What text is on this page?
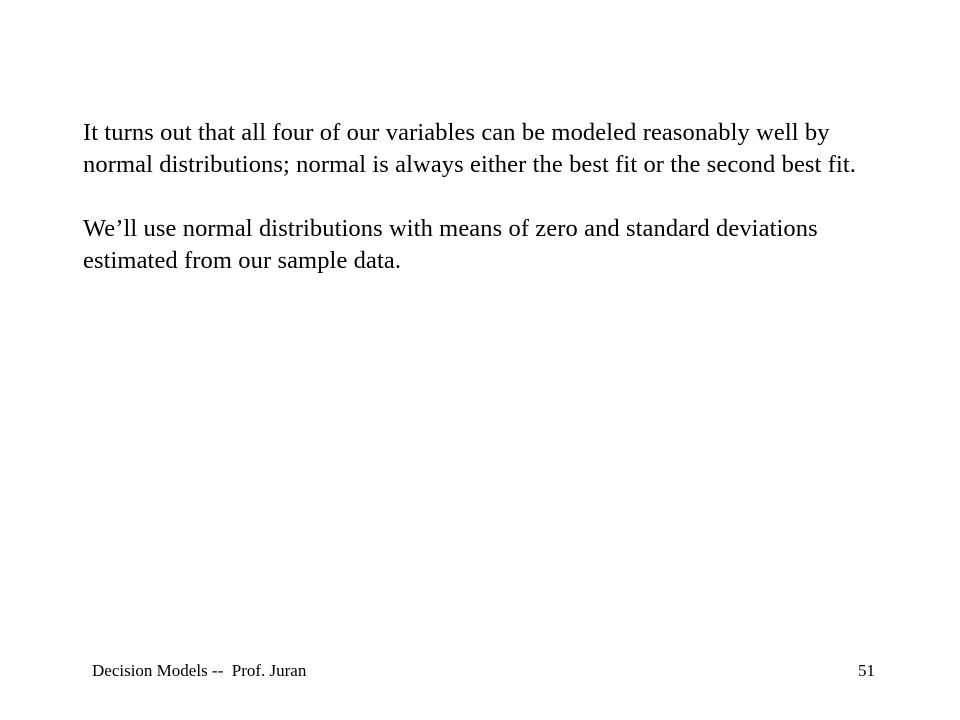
It turns out that all four of our variables can be modeled reasonably well by normal distributions; normal is always either the best fit or the second best fit.

We’ll use normal distributions with means of zero and standard deviations estimated from our sample data.

Decision Models --  Prof. Juran	51
